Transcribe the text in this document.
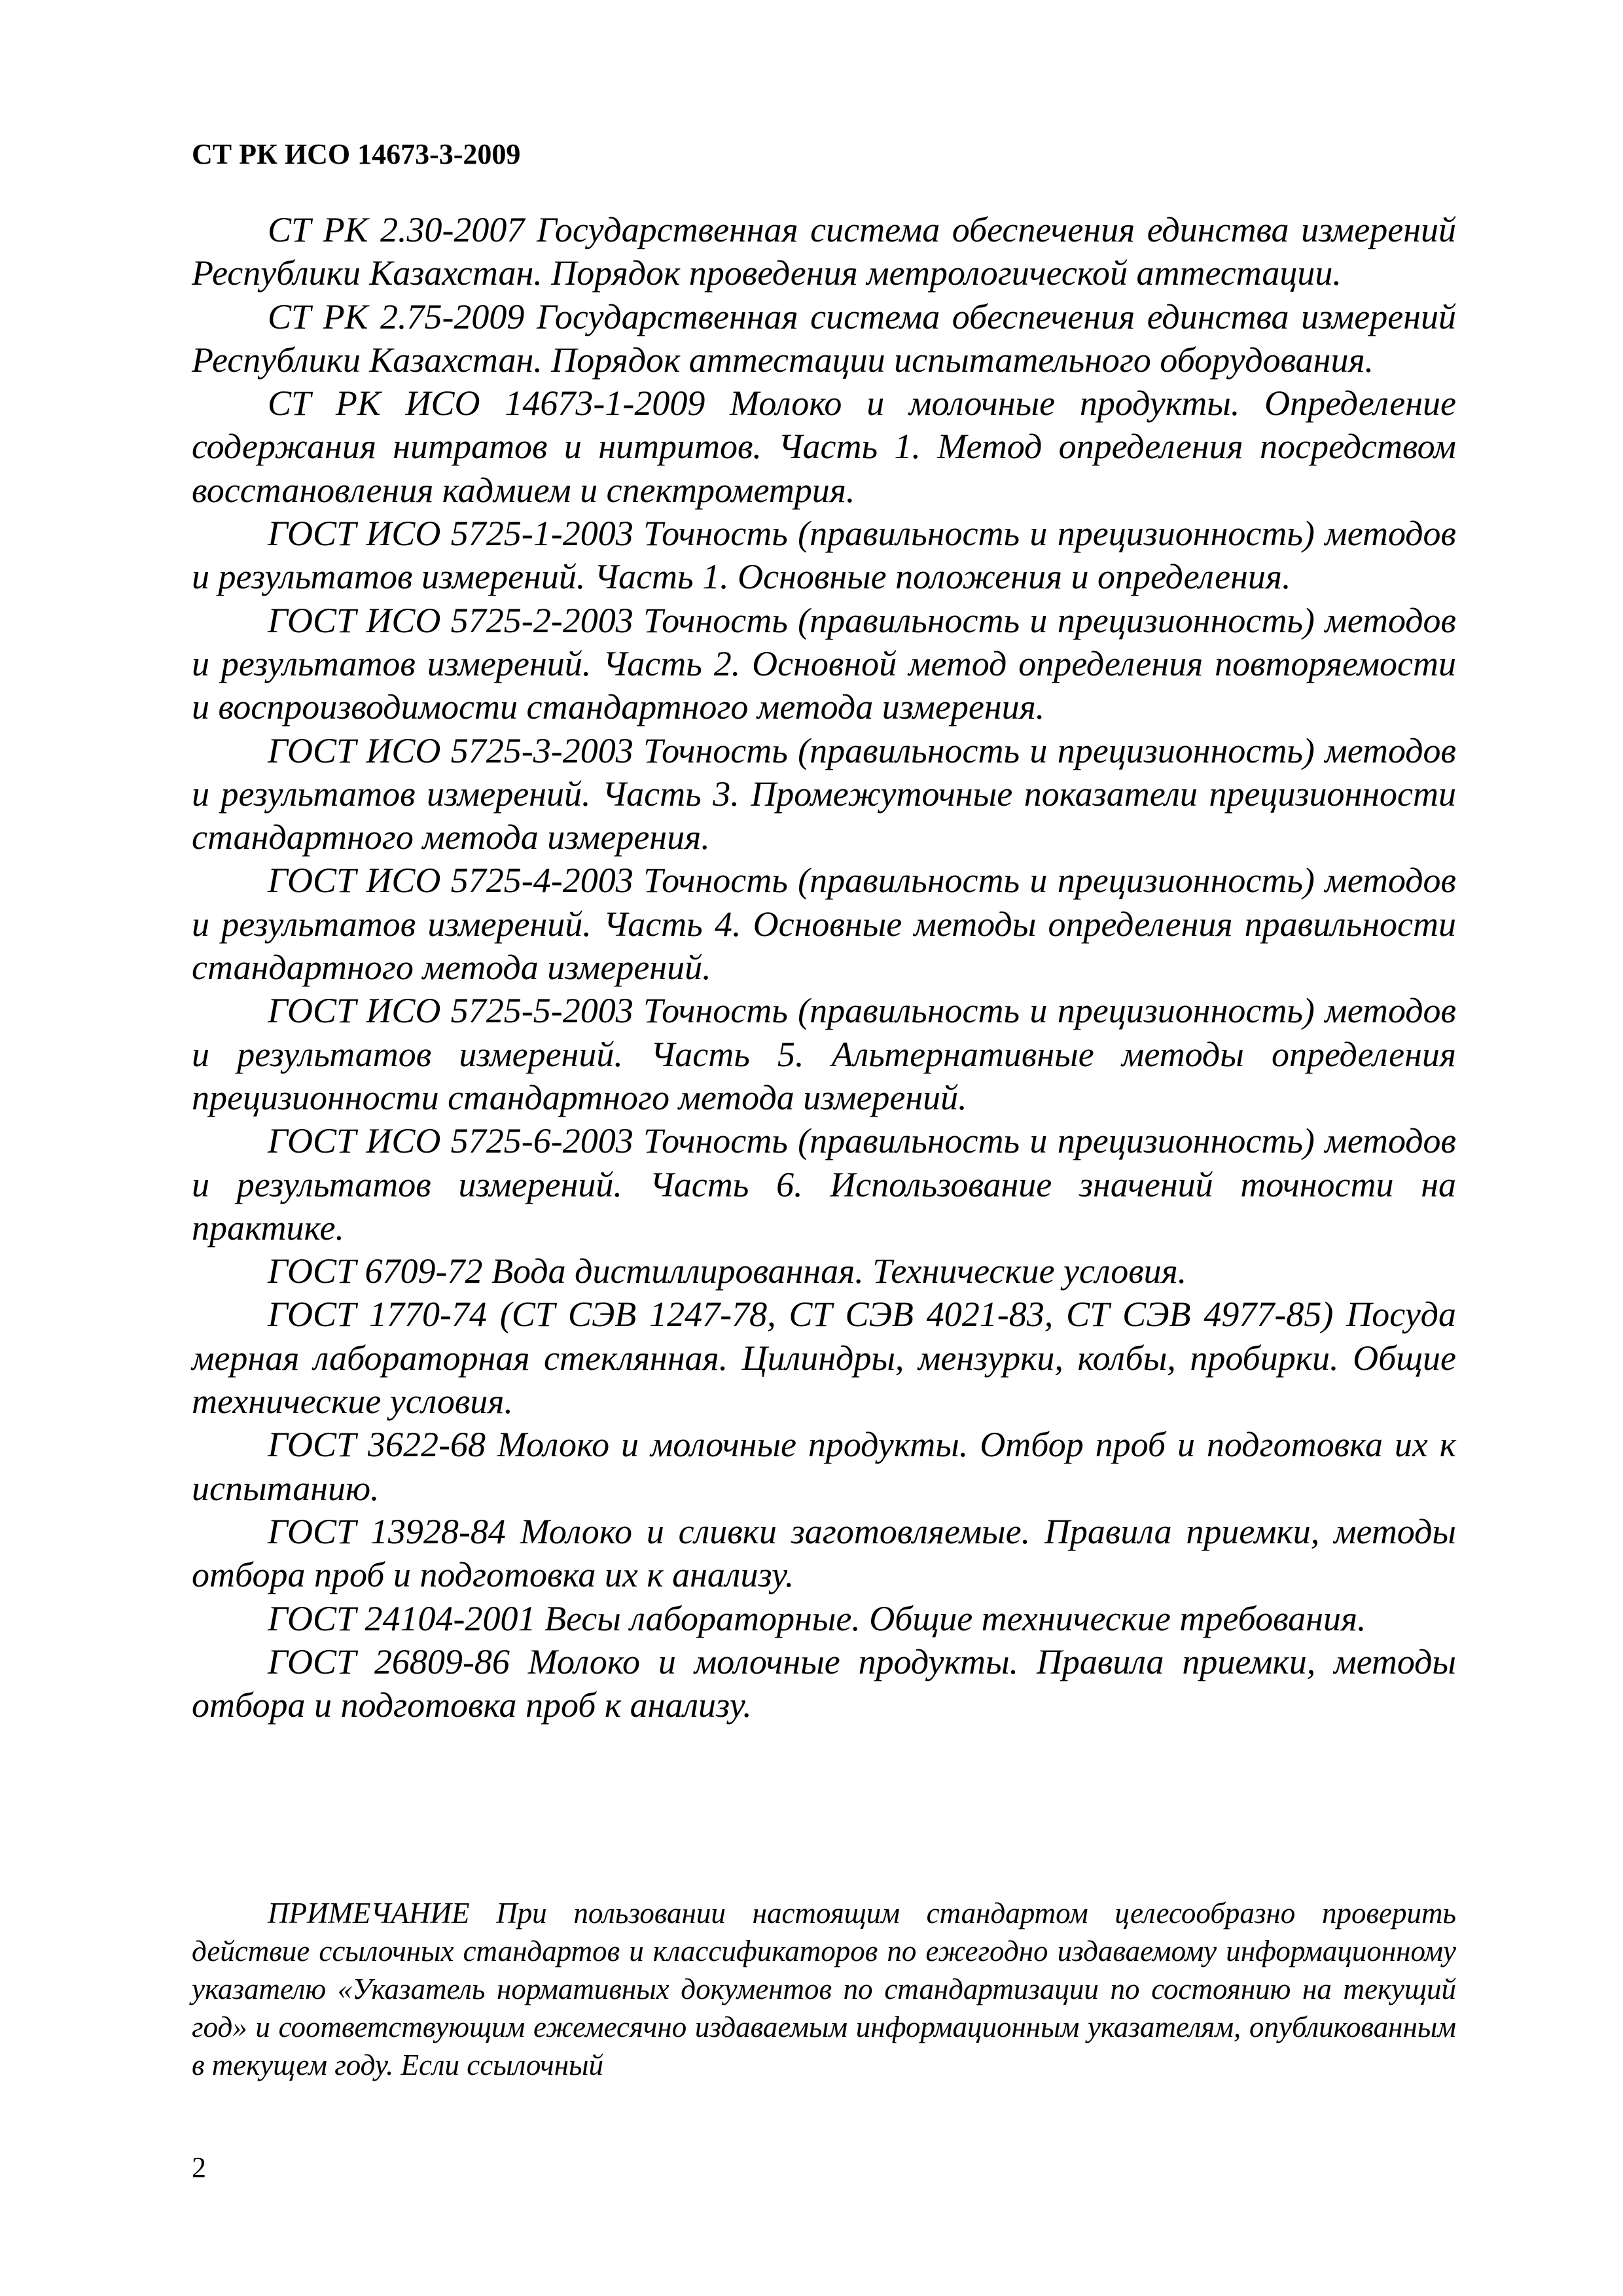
СТ РК ИСО 14673-3-2009

СТ РК 2.30-2007 Государственная система обеспечения единства измерений Республики Казахстан. Порядок проведения метрологической аттестации.

СТ РК 2.75-2009 Государственная система обеспечения единства измерений Республики Казахстан. Порядок аттестации испытательного оборудования.

СТ РК ИСО 14673-1-2009 Молоко и молочные продукты. Определение содержания нитратов и нитритов. Часть 1. Метод определения посредством восстановления кадмием и спектрометрия.

ГОСТ ИСО 5725-1-2003 Точность (правильность и прецизионность) методов и результатов измерений. Часть 1. Основные положения и определения.

ГОСТ ИСО 5725-2-2003 Точность (правильность и прецизионность) методов и результатов измерений. Часть 2. Основной метод определения повторяемости и воспроизводимости стандартного метода измерения.

ГОСТ ИСО 5725-3-2003 Точность (правильность и прецизионность) методов и результатов измерений. Часть 3. Промежуточные показатели прецизионности стандартного метода измерения.

ГОСТ ИСО 5725-4-2003 Точность (правильность и прецизионность) методов и результатов измерений. Часть 4. Основные методы определения правильности стандартного метода измерений.

ГОСТ ИСО 5725-5-2003 Точность (правильность и прецизионность) методов и результатов измерений. Часть 5. Альтернативные методы определения прецизионности стандартного метода измерений.

ГОСТ ИСО 5725-6-2003 Точность (правильность и прецизионность) методов и результатов измерений. Часть 6. Использование значений точности на практике.

ГОСТ 6709-72 Вода дистиллированная. Технические условия.

ГОСТ 1770-74 (СТ СЭВ 1247-78, СТ СЭВ 4021-83, СТ СЭВ 4977-85) Посуда мерная лабораторная стеклянная. Цилиндры, мензурки, колбы, пробирки. Общие технические условия.

ГОСТ 3622-68 Молоко и молочные продукты. Отбор проб и подготовка их к испытанию.

ГОСТ 13928-84 Молоко и сливки заготовляемые. Правила приемки, методы отбора проб и подготовка их к анализу.

ГОСТ 24104-2001 Весы лабораторные. Общие технические требования.

ГОСТ 26809-86 Молоко и молочные продукты. Правила приемки, методы отбора и подготовка проб к анализу.

ПРИМЕЧАНИЕ При пользовании настоящим стандартом целесообразно проверить действие ссылочных стандартов и классификаторов по ежегодно издаваемому информационному указателю «Указатель нормативных документов по стандартизации по состоянию на текущий год» и соответствующим ежемесячно издаваемым информационным указателям, опубликованным в текущем году. Если ссылочный

2
